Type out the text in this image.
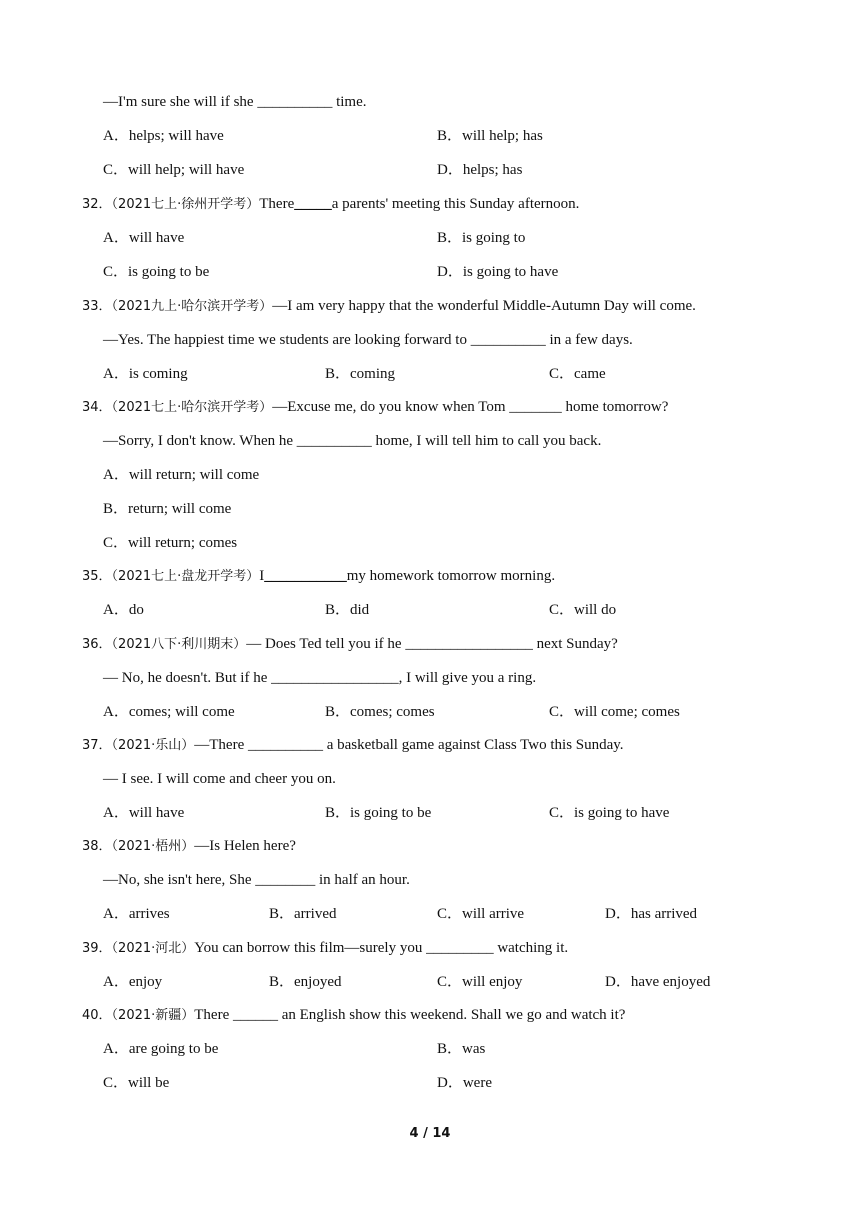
—I'm sure she will if she __________ time.
A．helps; will have	B．will help; has
C．will help; will have	D．helps; has
32．（2021七上·徐州开学考）There_____a parents' meeting this Sunday afternoon.
A．will have	B．is going to
C．is going to be	D．is going to have
33．（2021九上·哈尔滨开学考）—I am very happy that the wonderful Middle-Autumn Day will come.
—Yes. The happiest time we students are looking forward to __________ in a few days.
A．is coming	B．coming	C．came
34．（2021七上·哈尔滨开学考）—Excuse me, do you know when Tom _______ home tomorrow?
—Sorry, I don't know. When he __________ home, I will tell him to call you back.
A．will return; will come
B．return; will come
C．will return; comes
35．（2021七上·盘龙开学考）I___________my homework tomorrow morning.
A．do	B．did	C．will do
36．（2021八下·利川期末）— Does Ted tell you if he _________________ next Sunday?
— No, he doesn't. But if he _________________, I will give you a ring.
A．comes; will come	B．comes; comes	C．will come; comes
37．（2021·乐山）—There __________ a basketball game against Class Two this Sunday.
— I see. I will come and cheer you on.
A．will have	B．is going to be	C．is going to have
38．（2021·梧州）—Is Helen here?
—No, she isn't here, She ________ in half an hour.
A．arrives	B．arrived	C．will arrive	D．has arrived
39．（2021·河北）You can borrow this film—surely you _________ watching it.
A．enjoy	B．enjoyed	C．will enjoy	D．have enjoyed
40．（2021·新疆）There ______ an English show this weekend. Shall we go and watch it?
A．are going to be	B．was
C．will be	D．were
4 / 14
